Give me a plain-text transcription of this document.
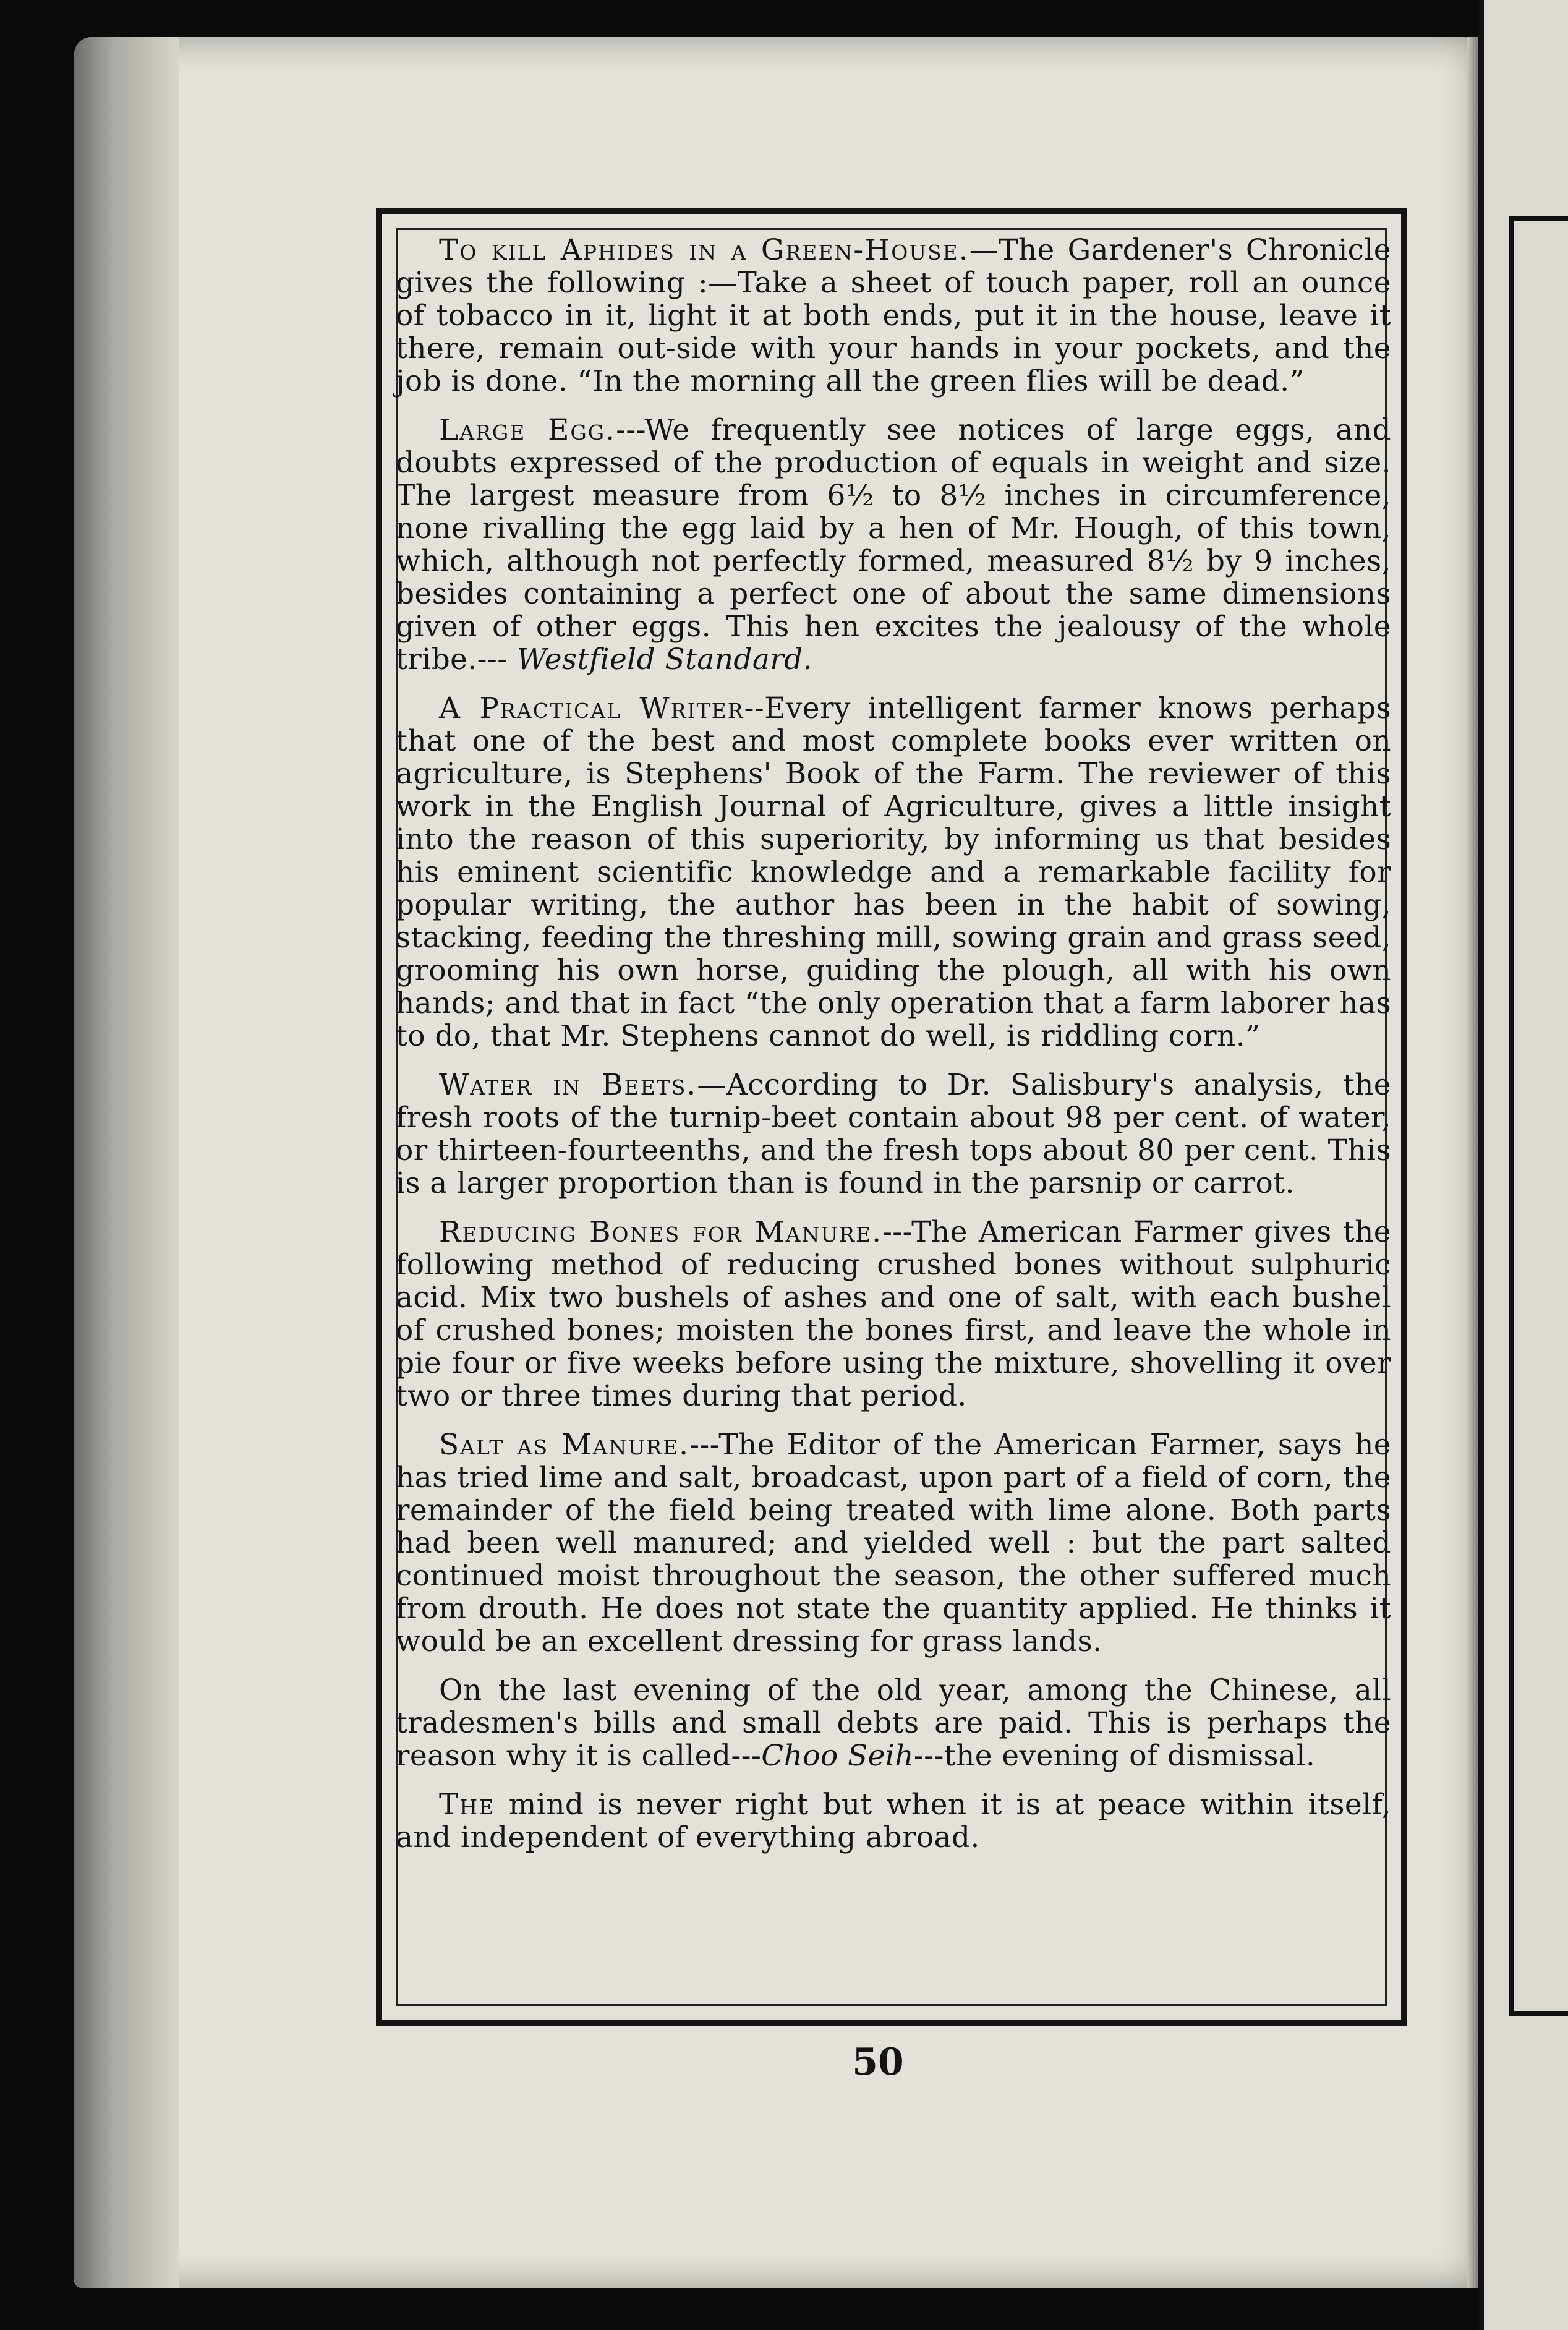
To kill Aphides in a Green-House.—The Gardener's Chronicle gives the following :—Take a sheet of touch paper, roll an ounce of tobacco in it, light it at both ends, put it in the house, leave it there, remain out-side with your hands in your pockets, and the job is done. “In the morning all the green flies will be dead.”

Large Egg.---We frequently see notices of large eggs, and doubts expressed of the production of equals in weight and size. The largest measure from 6½ to 8½ inches in circumference, none rivalling the egg laid by a hen of Mr. Hough, of this town, which, although not perfectly formed, measured 8½ by 9 inches, besides containing a perfect one of about the same dimensions given of other eggs. This hen excites the jealousy of the whole tribe.--- Westfield Standard.

A Practical Writer--Every intelligent farmer knows perhaps that one of the best and most complete books ever written on agriculture, is Stephens' Book of the Farm. The reviewer of this work in the English Journal of Agriculture, gives a little insight into the reason of this superiority, by informing us that besides his eminent scientific knowledge and a remarkable facility for popular writing, the author has been in the habit of sowing, stacking, feeding the threshing mill, sowing grain and grass seed, grooming his own horse, guiding the plough, all with his own hands; and that in fact “the only operation that a farm laborer has to do, that Mr. Stephens cannot do well, is riddling corn.”

Water in Beets.—According to Dr. Salisbury's analysis, the fresh roots of the turnip-beet contain about 98 per cent. of water, or thirteen-fourteenths, and the fresh tops about 80 per cent. This is a larger proportion than is found in the parsnip or carrot.

Reducing Bones for Manure.---The American Farmer gives the following method of reducing crushed bones without sulphuric acid. Mix two bushels of ashes and one of salt, with each bushel of crushed bones; moisten the bones first, and leave the whole in pie four or five weeks before using the mixture, shovelling it over two or three times during that period.

Salt as Manure.---The Editor of the American Farmer, says he has tried lime and salt, broadcast, upon part of a field of corn, the remainder of the field being treated with lime alone. Both parts had been well manured; and yielded well : but the part salted continued moist throughout the season, the other suffered much from drouth. He does not state the quantity applied. He thinks it would be an excellent dressing for grass lands.

On the last evening of the old year, among the Chinese, all tradesmen's bills and small debts are paid. This is perhaps the reason why it is called---Choo Seih---the evening of dismissal.

The mind is never right but when it is at peace within itself, and independent of everything abroad.

50
